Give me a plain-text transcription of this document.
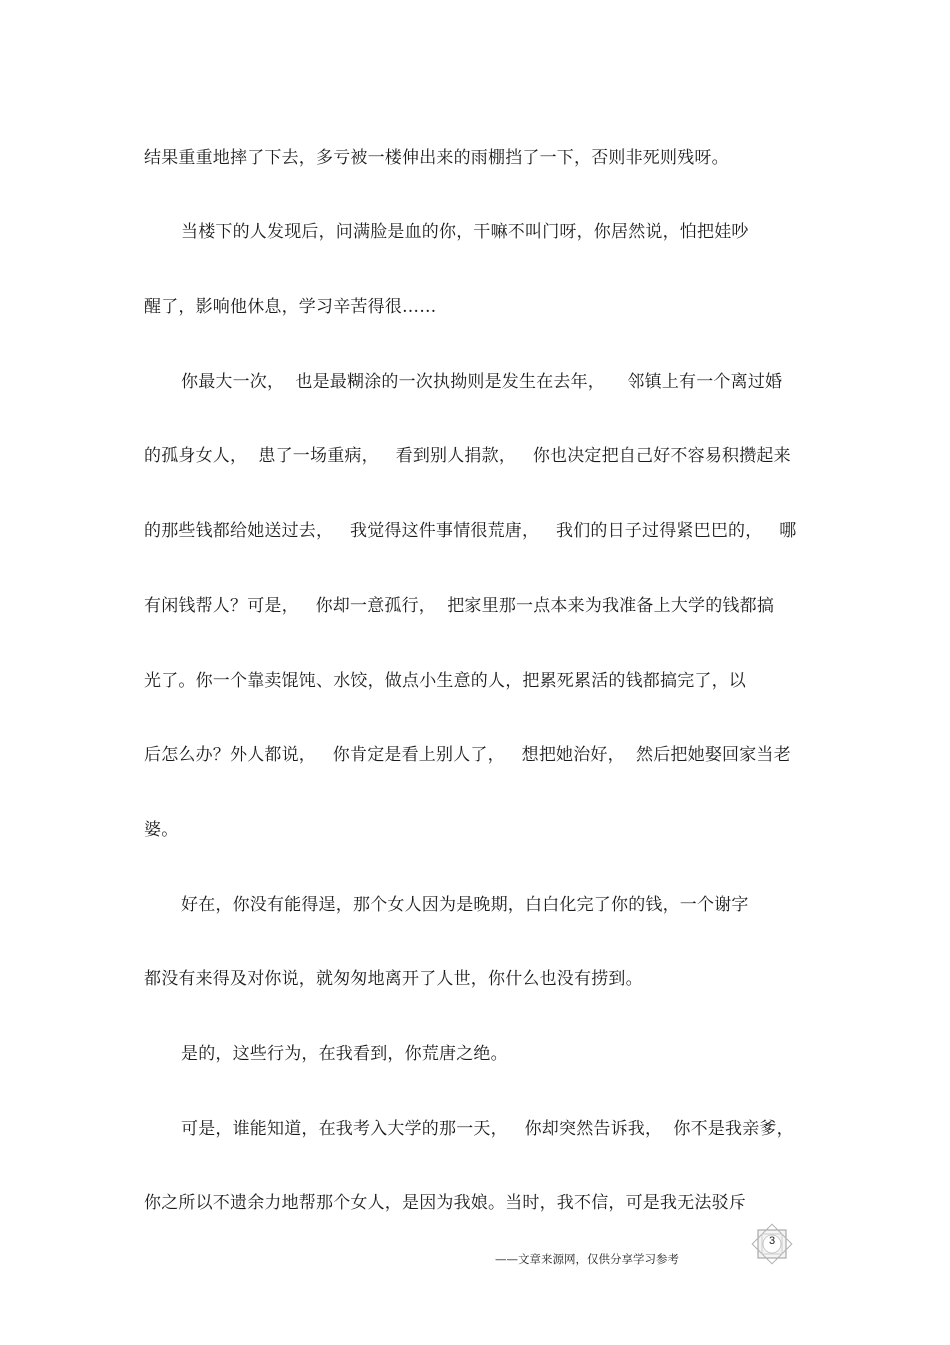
结果重重地摔了下去，多亏被一楼伸出来的雨棚挡了一下，否则非死则残呀。
当楼下的人发现后，问满脸是血的你，干嘛不叫门呀，你居然说，怕把娃吵
醒了，影响他休息，学习辛苦得很……
你最大一次，  也是最糊涂的一次执拗则是发生在去年，    邻镇上有一个离过婚
的孤身女人，  患了一场重病，   看到别人捐款，   你也决定把自己好不容易积攒起来
的那些钱都给她送过去，   我觉得这件事情很荒唐，   我们的日子过得紧巴巴的，   哪
有闲钱帮人？可是，   你却一意孤行，  把家里那一点本来为我准备上大学的钱都搞
光了。你一个靠卖馄饨、水饺，做点小生意的人，把累死累活的钱都搞完了，以
后怎么办？外人都说，   你肯定是看上别人了，   想把她治好，  然后把她娶回家当老
婆。
好在，你没有能得逞，那个女人因为是晚期，白白化完了你的钱，一个谢字
都没有来得及对你说，就匆匆地离开了人世，你什么也没有捞到。
是的，这些行为，在我看到，你荒唐之绝。
可是，谁能知道，在我考入大学的那一天，   你却突然告诉我，  你不是我亲爹，
你之所以不遗余力地帮那个女人，是因为我娘。当时，我不信，可是我无法驳斥
3
——文章来源网，仅供分享学习参考
